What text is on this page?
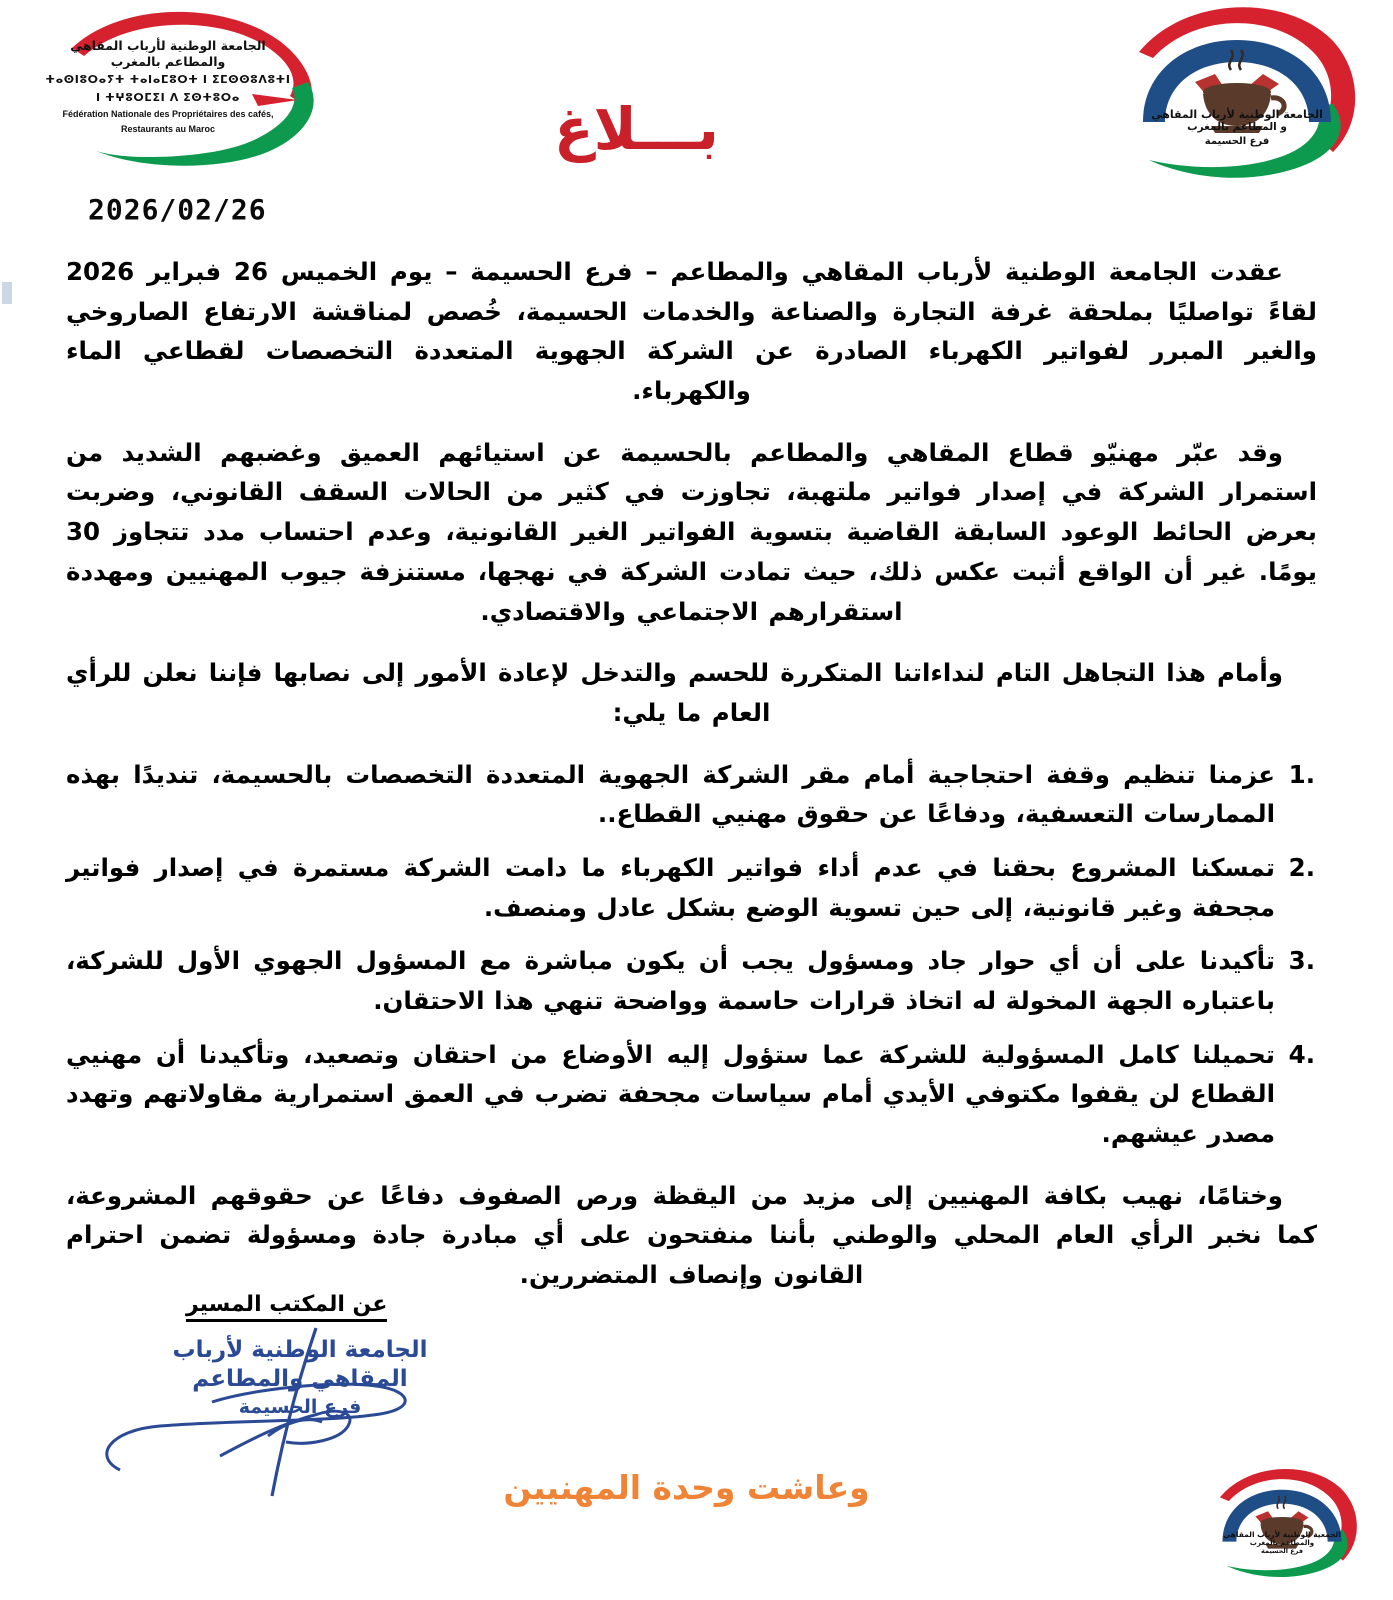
الجامعة الوطنية لأرباب المقاهي
والمطاعم بالمغرب
ⵜⴰⵙⵏⵓⵔⴰⵢⵜ ⵜⴰⵏⴰⵎⵓⵔⵜ ⵏ ⵉⵎⵙⵙⵓⴷⵓⵜⵏ
ⵏ ⵜⵖⵓⵔⵎⵉⵏ ⴷ ⵉⵙⵜⵓⵔⴰ
Fédération Nationale des Propriétaires des cafés,
Restaurants au Maroc	بـــلاغ	الجامعة الوطنية لأرباب المقاهي
و المطاعم بالمغرب
فرع الحسيمة
2026/02/26

عقدت الجامعة الوطنية لأرباب المقاهي والمطاعم – فرع الحسيمة – يوم الخميس 26 فبراير 2026 لقاءً تواصليًا بملحقة غرفة التجارة والصناعة والخدمات الحسيمة، خُصص لمناقشة الارتفاع الصاروخي والغير المبرر لفواتير الكهرباء الصادرة عن الشركة الجهوية المتعددة التخصصات لقطاعي الماء والكهرباء.

وقد عبّر مهنيّو قطاع المقاهي والمطاعم بالحسيمة عن استيائهم العميق وغضبهم الشديد من استمرار الشركة في إصدار فواتير ملتهبة، تجاوزت في كثير من الحالات السقف القانوني، وضربت بعرض الحائط الوعود السابقة القاضية بتسوية الفواتير الغير القانونية، وعدم احتساب مدد تتجاوز 30 يومًا. غير أن الواقع أثبت عكس ذلك، حيث تمادت الشركة في نهجها، مستنزفة جيوب المهنيين ومهددة استقرارهم الاجتماعي والاقتصادي.

وأمام هذا التجاهل التام لنداءاتنا المتكررة للحسم والتدخل لإعادة الأمور إلى نصابها فإننا نعلن للرأي العام ما يلي:

عزمنا تنظيم وقفة احتجاجية أمام مقر الشركة الجهوية المتعددة التخصصات بالحسيمة، تنديدًا بهذه الممارسات التعسفية، ودفاعًا عن حقوق مهنيي القطاع..
تمسكنا المشروع بحقنا في عدم أداء فواتير الكهرباء ما دامت الشركة مستمرة في إصدار فواتير مجحفة وغير قانونية، إلى حين تسوية الوضع بشكل عادل ومنصف.
تأكيدنا على أن أي حوار جاد ومسؤول يجب أن يكون مباشرة مع المسؤول الجهوي الأول للشركة، باعتباره الجهة المخولة له اتخاذ قرارات حاسمة وواضحة تنهي هذا الاحتقان.
تحميلنا كامل المسؤولية للشركة عما ستؤول إليه الأوضاع من احتقان وتصعيد، وتأكيدنا أن مهنيي القطاع لن يقفوا مكتوفي الأيدي أمام سياسات مجحفة تضرب في العمق استمرارية مقاولاتهم وتهدد مصدر عيشهم.

وختامًا، نهيب بكافة المهنيين إلى مزيد من اليقظة ورص الصفوف دفاعًا عن حقوقهم المشروعة، كما نخبر الرأي العام المحلي والوطني بأننا منفتحون على أي مبادرة جادة ومسؤولة تضمن احترام القانون وإنصاف المتضررين.

عن المكتب المسير
الجامعة الوطنية لأرباب
المقاهي والمطاعم
فرع الحسيمة
وعاشت وحدة المهنيين
الجمعية الوطنية لأرباب المقاهي
والمطاعم بالمغرب
فرع الحسيمة
